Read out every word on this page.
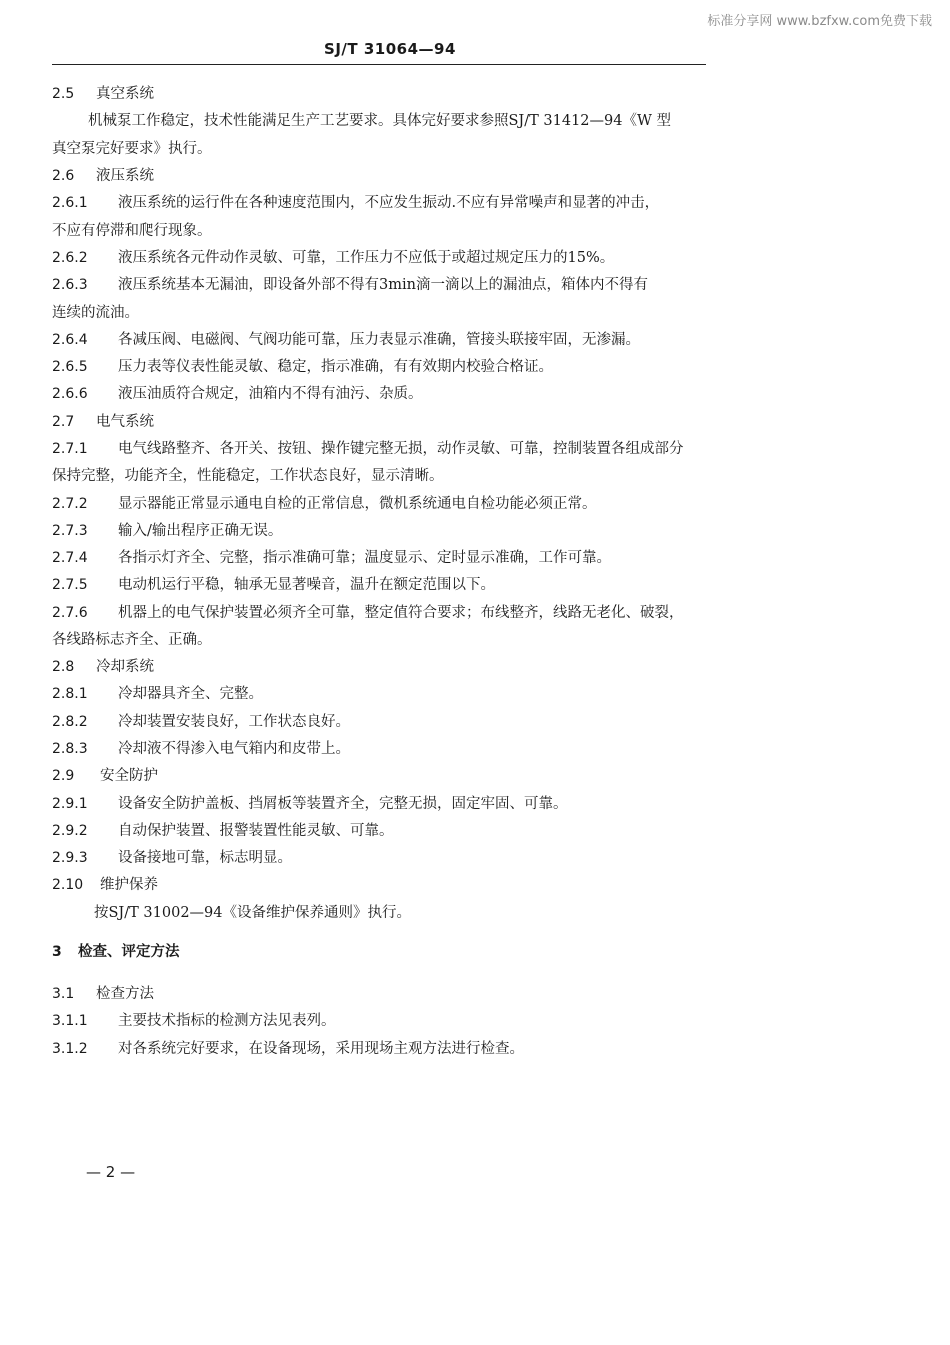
标准分享网 www.bzfxw.com免费下载
SJ/T 31064—94
2.5 真空系统
机械泵工作稳定，技术性能满足生产工艺要求。具体完好要求参照SJ/T 31412—94《W 型
真空泵完好要求》执行。
2.6 液压系统
2.6.1 液压系统的运行件在各种速度范围内，不应发生振动.不应有异常噪声和显著的冲击，
不应有停滞和爬行现象。
2.6.2 液压系统各元件动作灵敏、可靠，工作压力不应低于或超过规定压力的15%。
2.6.3 液压系统基本无漏油，即设备外部不得有3min滴一滴以上的漏油点，箱体内不得有
连续的流油。
2.6.4 各减压阀、电磁阀、气阀功能可靠，压力表显示准确，管接头联接牢固，无渗漏。
2.6.5 压力表等仪表性能灵敏、稳定，指示准确，有有效期内校验合格证。
2.6.6 液压油质符合规定，油箱内不得有油污、杂质。
2.7 电气系统
2.7.1 电气线路整齐、各开关、按钮、操作键完整无损，动作灵敏、可靠，控制装置各组成部分
保持完整，功能齐全，性能稳定，工作状态良好，显示清晰。
2.7.2 显示器能正常显示通电自检的正常信息，微机系统通电自检功能必须正常。
2.7.3 输入/输出程序正确无误。
2.7.4 各指示灯齐全、完整，指示准确可靠；温度显示、定时显示准确，工作可靠。
2.7.5 电动机运行平稳，轴承无显著噪音，温升在额定范围以下。
2.7.6 机器上的电气保护装置必须齐全可靠，整定值符合要求；布线整齐，线路无老化、破裂，
各线路标志齐全、正确。
2.8 冷却系统
2.8.1 冷却器具齐全、完整。
2.8.2 冷却装置安装良好，工作状态良好。
2.8.3 冷却液不得渗入电气箱内和皮带上。
2.9 安全防护
2.9.1 设备安全防护盖板、挡屑板等装置齐全，完整无损，固定牢固、可靠。
2.9.2 自动保护装置、报警装置性能灵敏、可靠。
2.9.3 设备接地可靠，标志明显。
2.10 维护保养
按SJ/T 31002—94《设备维护保养通则》执行。
3 检查、评定方法
3.1 检查方法
3.1.1 主要技术指标的检测方法见表列。
3.1.2 对各系统完好要求，在设备现场，采用现场主观方法进行检查。
— 2 —
